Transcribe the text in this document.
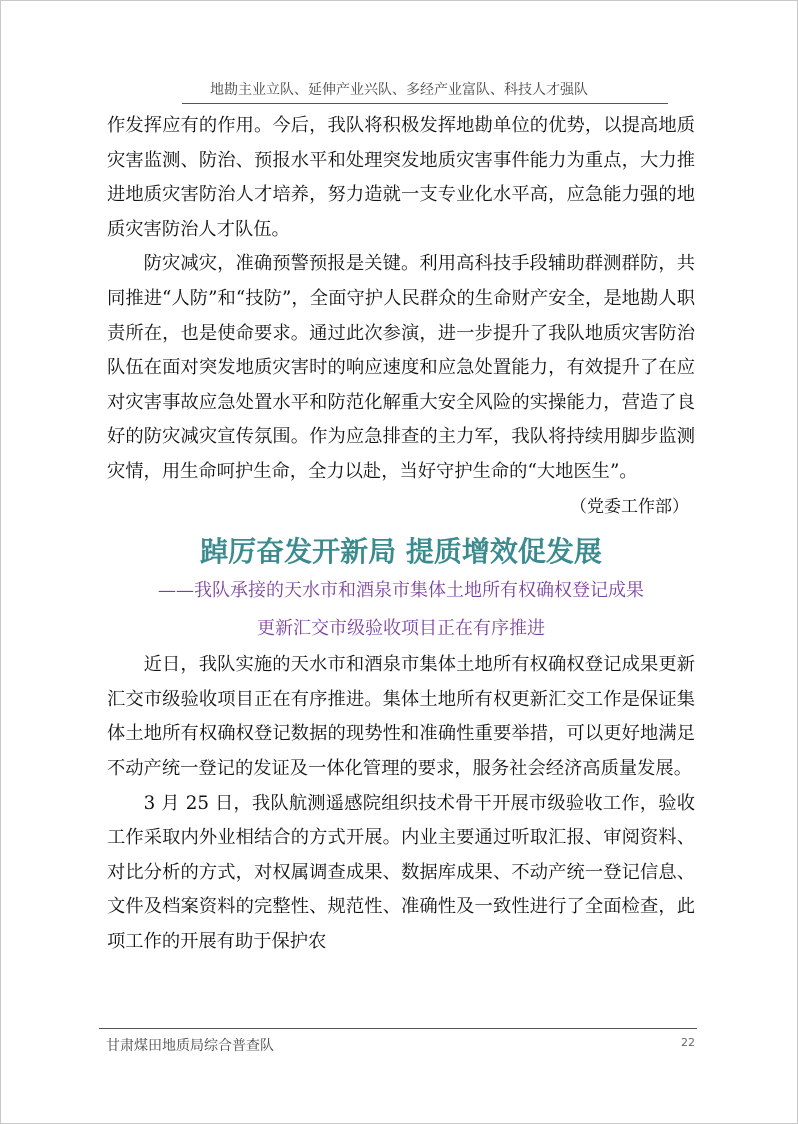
地勘主业立队、延伸产业兴队、多经产业富队、科技人才强队

作发挥应有的作用。今后，我队将积极发挥地勘单位的优势，以提高地质灾害监测、防治、预报水平和处理突发地质灾害事件能力为重点，大力推进地质灾害防治人才培养，努力造就一支专业化水平高，应急能力强的地质灾害防治人才队伍。

防灾减灾，准确预警预报是关键。利用高科技手段辅助群测群防，共同推进“人防”和“技防”，全面守护人民群众的生命财产安全，是地勘人职责所在，也是使命要求。通过此次参演，进一步提升了我队地质灾害防治队伍在面对突发地质灾害时的响应速度和应急处置能力，有效提升了在应对灾害事故应急处置水平和防范化解重大安全风险的实操能力，营造了良好的防灾减灾宣传氛围。作为应急排查的主力军，我队将持续用脚步监测灾情，用生命呵护生命，全力以赴，当好守护生命的“大地医生”。

（党委工作部）

踔厉奋发开新局 提质增效促发展

——我队承接的天水市和酒泉市集体土地所有权确权登记成果

更新汇交市级验收项目正在有序推进

近日，我队实施的天水市和酒泉市集体土地所有权确权登记成果更新汇交市级验收项目正在有序推进。集体土地所有权更新汇交工作是保证集体土地所有权确权登记数据的现势性和准确性重要举措，可以更好地满足不动产统一登记的发证及一体化管理的要求，服务社会经济高质量发展。

3 月 25 日，我队航测遥感院组织技术骨干开展市级验收工作，验收工作采取内外业相结合的方式开展。内业主要通过听取汇报、审阅资料、对比分析的方式，对权属调查成果、数据库成果、不动产统一登记信息、文件及档案资料的完整性、规范性、准确性及一致性进行了全面检查，此项工作的开展有助于保护农

甘肃煤田地质局综合普查队	22
